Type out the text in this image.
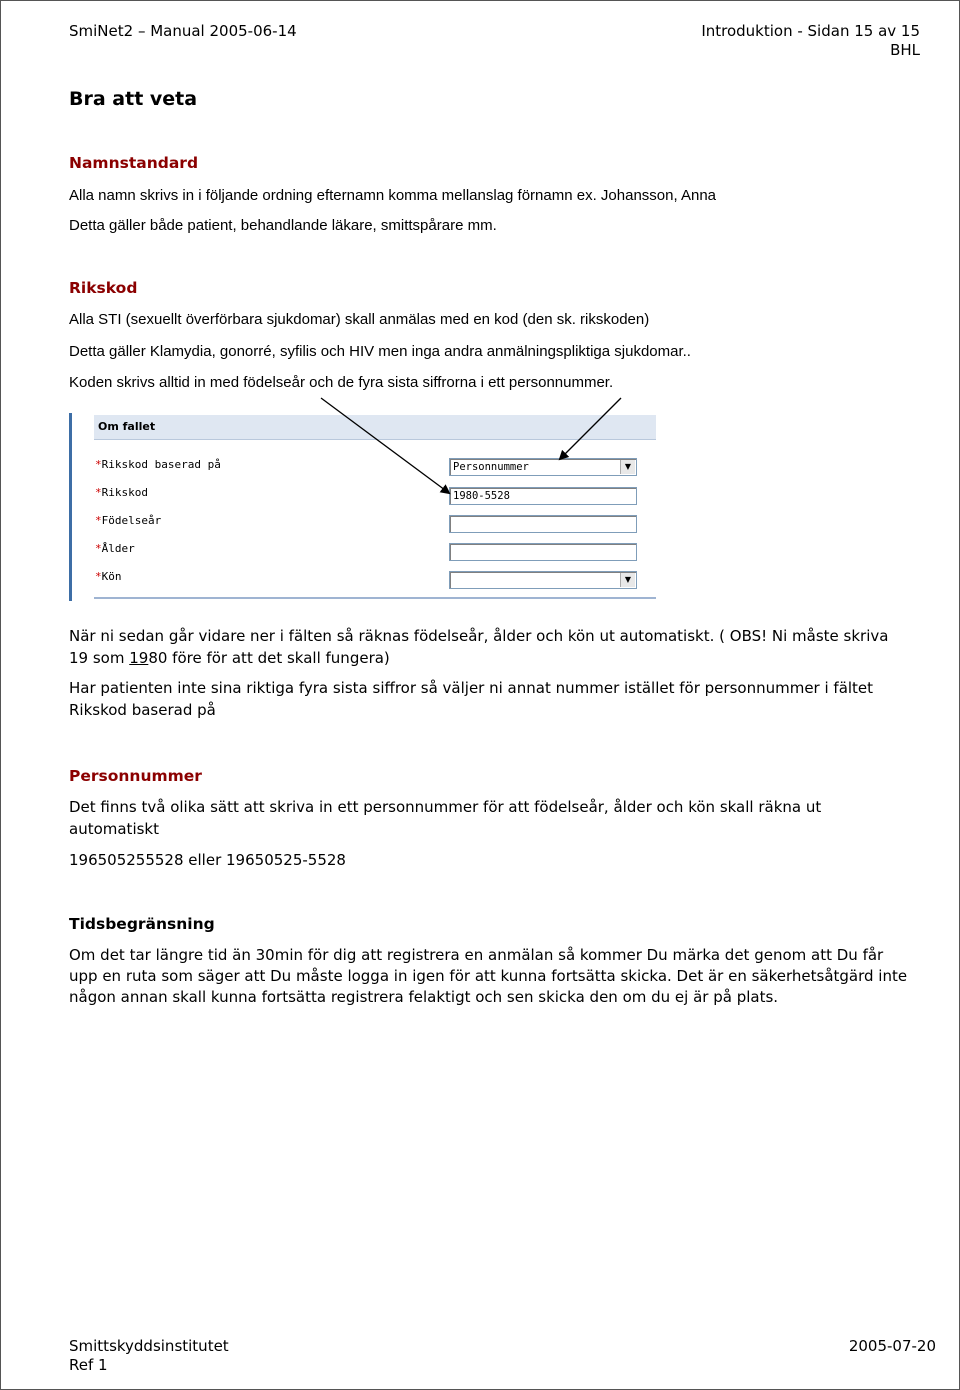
SmiNet2 – Manual 2005-06-14	Introduktion - Sidan 15 av 15
BHL
Bra att veta
Namnstandard
Alla namn skrivs in i följande ordning efternamn komma mellanslag förnamn ex. Johansson, Anna
Detta gäller både patient, behandlande läkare, smittspårare mm.
Rikskod
Alla STI (sexuellt överförbara sjukdomar) skall anmälas med en kod (den sk. rikskoden)
Detta gäller Klamydia, gonorré, syfilis och HIV men inga andra anmälningspliktiga sjukdomar..
Koden skrivs alltid in med födelseår och de fyra sista siffrorna i ett personnummer.
Om fallet
*Rikskod baserad på	Personnummer	▼
*Rikskod	1980-5528
*Födelseår
*Ålder
*Kön	▼
När ni sedan går vidare ner i fälten så räknas födelseår, ålder och kön ut automatiskt. ( OBS! Ni måste skriva
19 som 1980 före för att det skall fungera)
Har patienten inte sina riktiga fyra sista siffror så väljer ni annat nummer istället för personnummer i fältet
Rikskod baserad på
Personnummer
Det finns två olika sätt att skriva in ett personnummer för att födelseår, ålder och kön skall räkna ut
automatiskt
196505255528 eller 19650525-5528
Tidsbegränsning
Om det tar längre tid än 30min för dig att registrera en anmälan så kommer Du märka det genom att Du får
upp en ruta som säger att Du måste logga in igen för att kunna fortsätta skicka. Det är en säkerhetsåtgärd inte
någon annan skall kunna fortsätta registrera felaktigt och sen skicka den om du ej är på plats.
Smittskyddsinstitutet
Ref 1
2005-07-20
